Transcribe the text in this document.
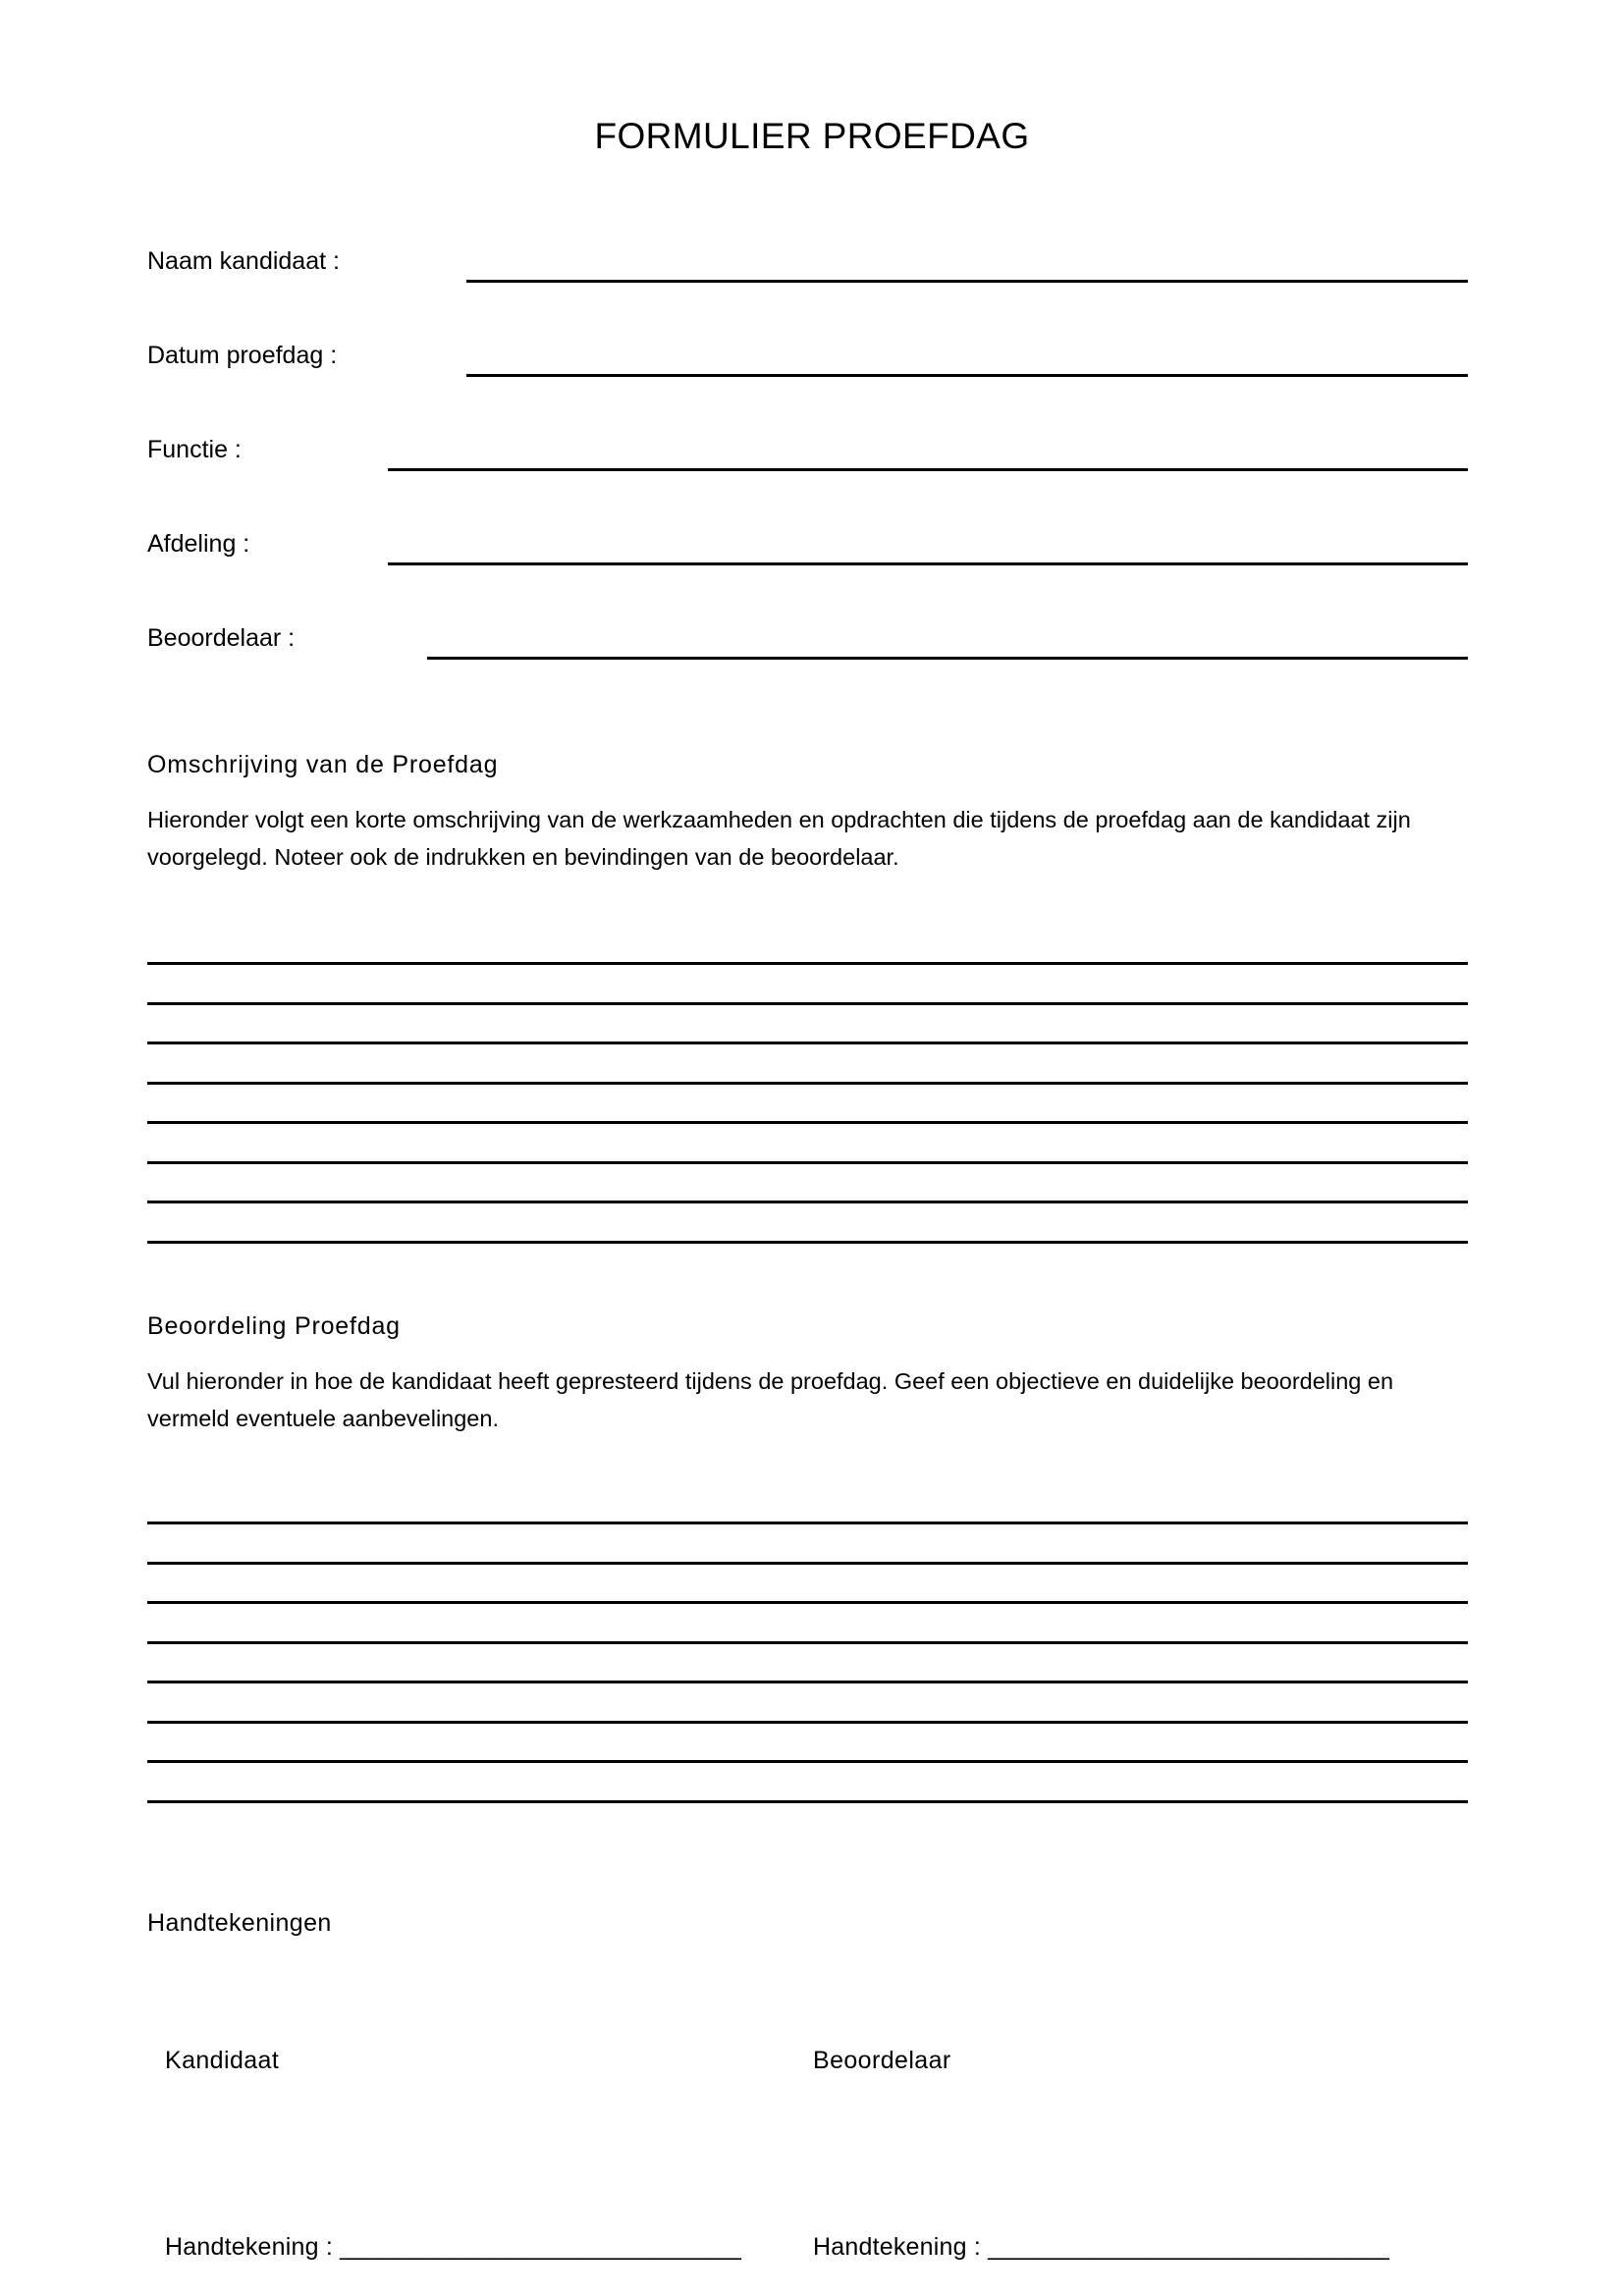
FORMULIER PROEFDAG
Naam kandidaat :
Datum proefdag :
Functie :
Afdeling :
Beoordelaar :
Omschrijving van de Proefdag

Hieronder volgt een korte omschrijving van de werkzaamheden en opdrachten die tijdens de proefdag aan de kandidaat zijn voorgelegd. Noteer ook de indrukken en bevindingen van de beoordelaar.

Beoordeling Proefdag

Vul hieronder in hoe de kandidaat heeft gepresteerd tijdens de proefdag. Geef een objectieve en duidelijke beoordeling en vermeld eventuele aanbevelingen.

Handtekeningen
Kandidaat	Beoordelaar
Handtekening : _____________________________	Handtekening : _____________________________
